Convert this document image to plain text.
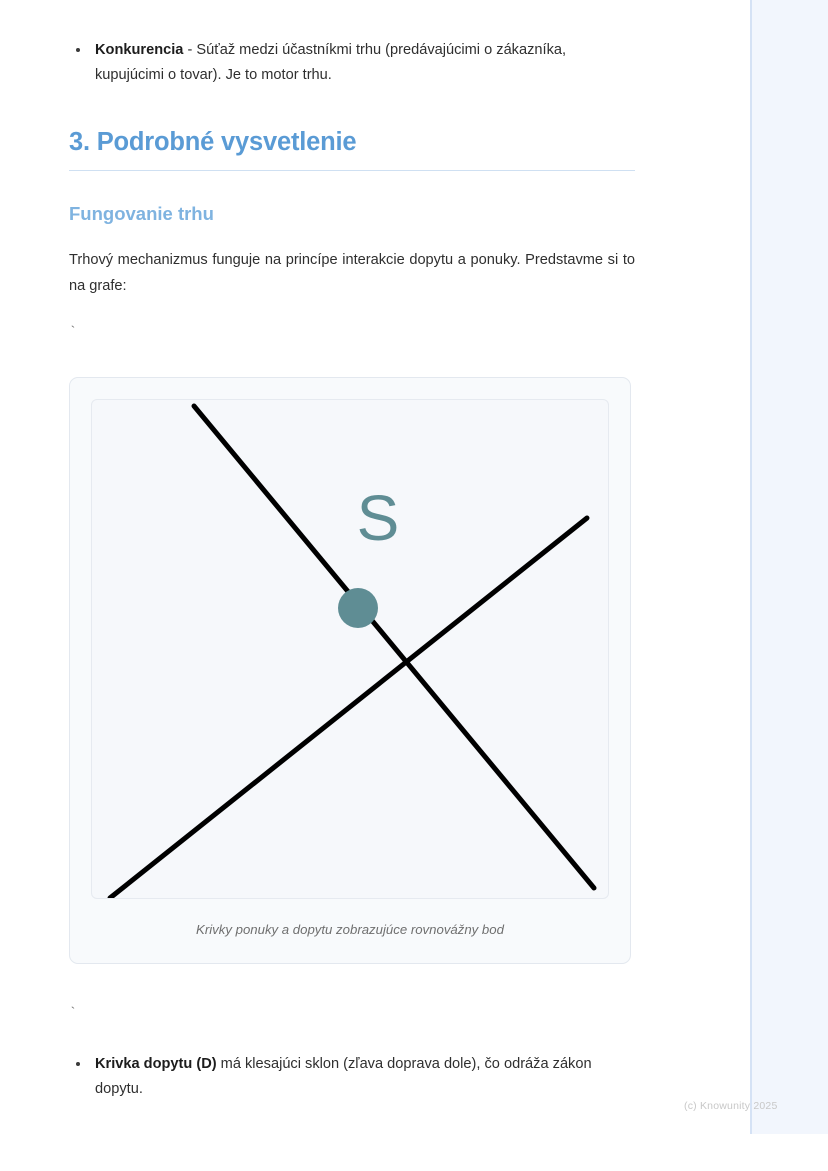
Konkurencia - Súťaž medzi účastníkmi trhu (predávajúcimi o zákazníka, kupujúcimi o tovar). Je to motor trhu.
3. Podrobné vysvetlenie
Fungovanie trhu

Trhový mechanizmus funguje na princípe interakcie dopytu a ponuky. Predstavme si to na grafe:

`
S
Krivky ponuky a dopytu zobrazujúce rovnovážny bod
`
Krivka dopytu (D) má klesajúci sklon (zľava doprava dole), čo odráža zákon dopytu.
(c) Knowunity 2025
